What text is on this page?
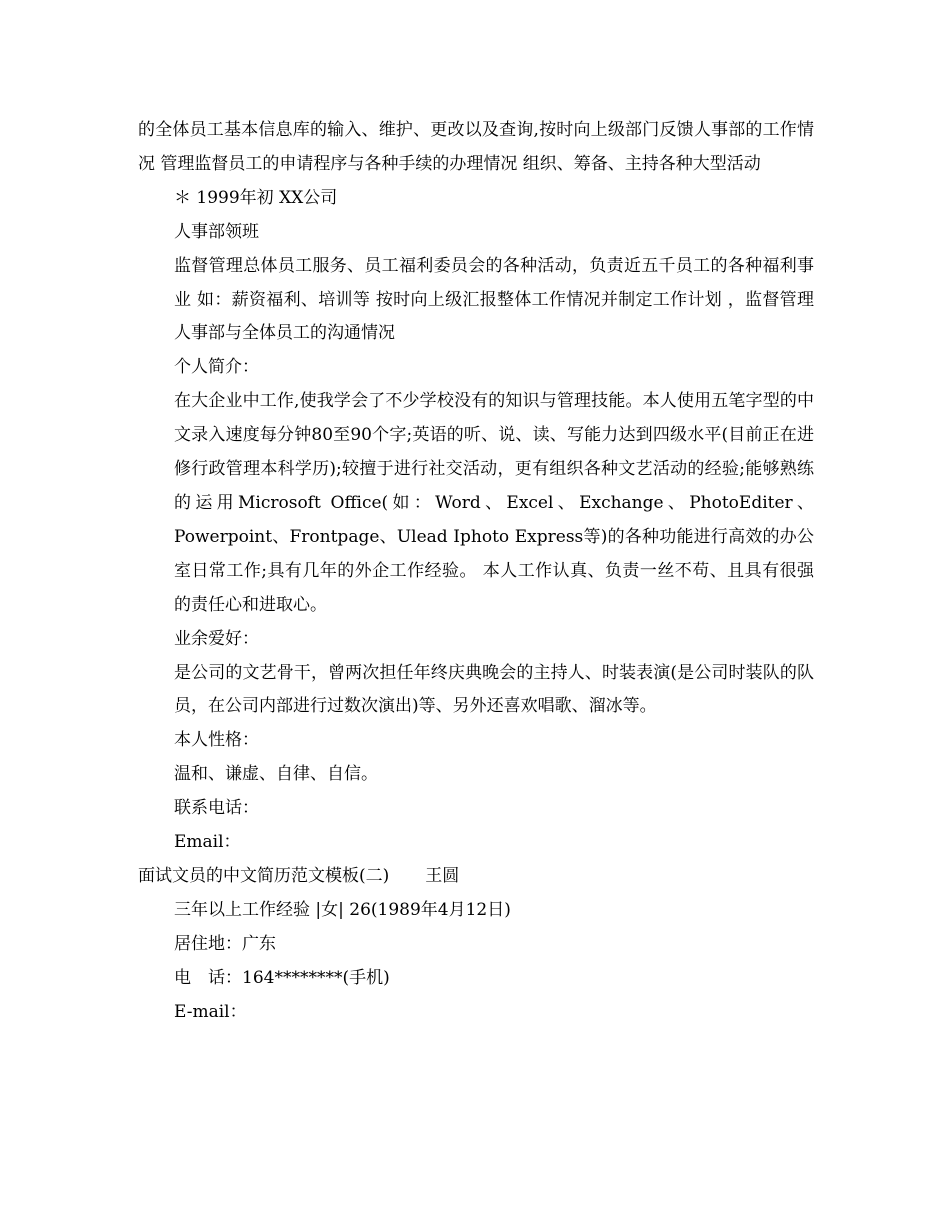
的全体员工基本信息库的输入、维护、更改以及查询,按时向上级部门反馈人事部的工作情况 管理监督员工的申请程序与各种手续的办理情况 组织、筹备、主持各种大型活动

＊ 1999年初 XX公司

人事部领班

监督管理总体员工服务、员工福利委员会的各种活动，负责近五千员工的各种福利事业 如：薪资福利、培训等 按时向上级汇报整体工作情况并制定工作计划 ，监督管理人事部与全体员工的沟通情况

个人简介：

在大企业中工作,使我学会了不少学校没有的知识与管理技能。本人使用五笔字型的中文录入速度每分钟80至90个字;英语的听、说、读、写能力达到四级水平(目前正在进修行政管理本科学历);较擅于进行社交活动，更有组织各种文艺活动的经验;能够熟练的运用Microsoft Office(如：Word、Excel、Exchange、PhotoEditer、Powerpoint、Frontpage、Ulead Iphoto Express等)的各种功能进行高效的办公室日常工作;具有几年的外企工作经验。 本人工作认真、负责一丝不苟、且具有很强的责任心和进取心。

业余爱好：

是公司的文艺骨干，曾两次担任年终庆典晚会的主持人、时装表演(是公司时装队的队员，在公司内部进行过数次演出)等、另外还喜欢唱歌、溜冰等。

本人性格：

温和、谦虚、自律、自信。

联系电话：

Email：

面试文员的中文简历范文模板(二) 王圆

三年以上工作经验 |女| 26(1989年4月12日)

居住地：广东

电　话：164********(手机)

E-mail：
